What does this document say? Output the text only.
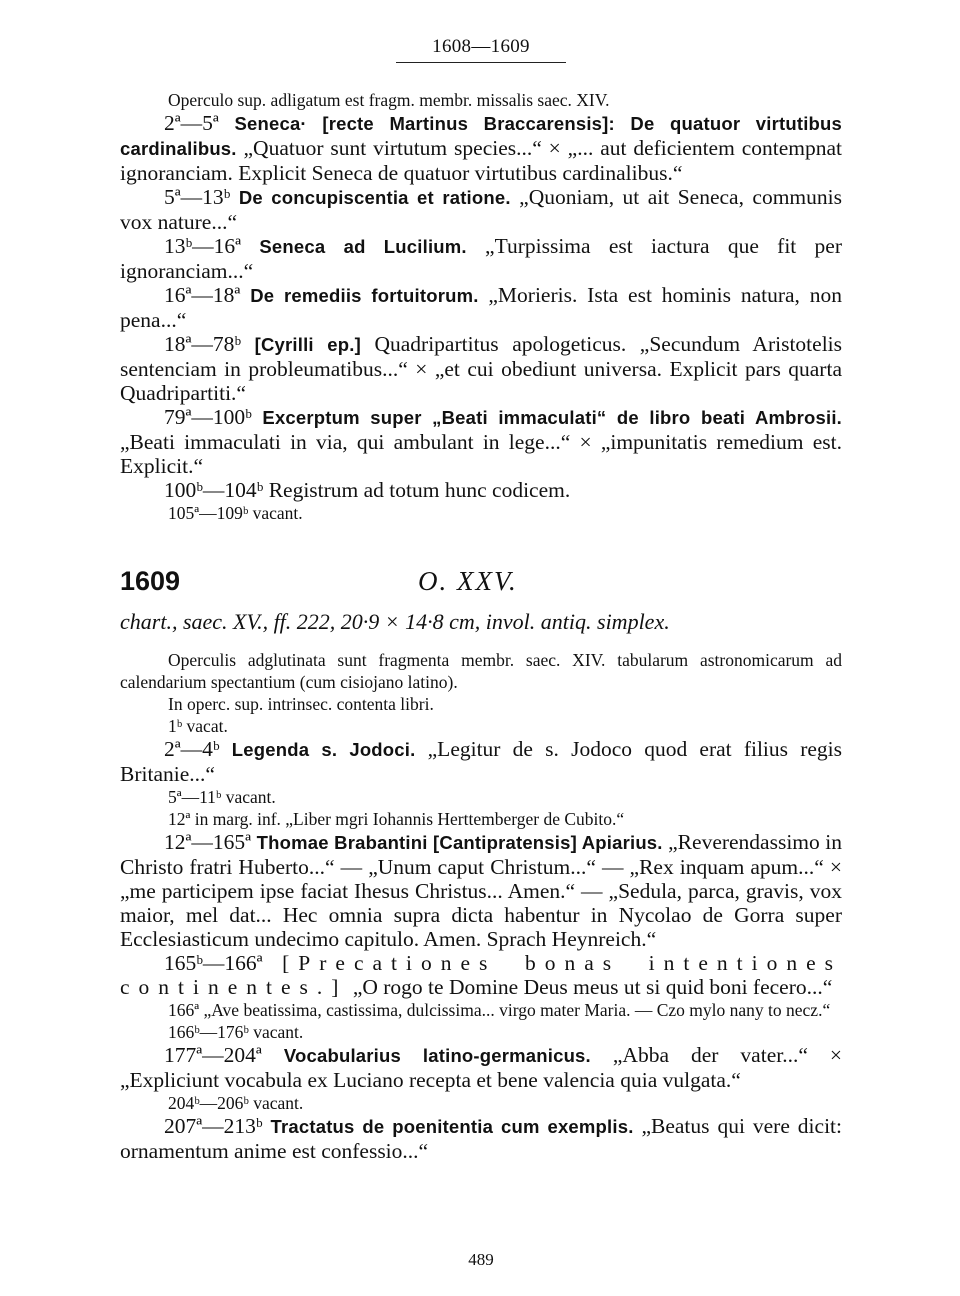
1608—1609

Operculo sup. adligatum est fragm. membr. missalis saec. XIV.

2ª—5ª Seneca· [recte Martinus Braccarensis]: De quatuor virtutibus cardinalibus. „Quatuor sunt virtutum species...“ × „... aut deficientem contempnat ignoranciam. Explicit Seneca de quatuor virtutibus cardinalibus.“

5ª—13ᵇ De concupiscentia et ratione. „Quoniam, ut ait Seneca, communis vox nature...“

13ᵇ—16ª Seneca ad Lucilium. „Turpissima est iactura que fit per ignoranciam...“

16ª—18ª De remediis fortuitorum. „Morieris. Ista est hominis natura, non pena...“

18ª—78ᵇ [Cyrilli ep.] Quadripartitus apologeticus. „Secundum Aristotelis sentenciam in probleumatibus...“ × „et cui obediunt universa. Explicit pars quarta Quadripartiti.“

79ª—100ᵇ Excerptum super „Beati immaculati“ de libro beati Ambrosii. „Beati immaculati in via, qui ambulant in lege...“ × „impunitatis remedium est. Explicit.“

100ᵇ—104ᵇ Registrum ad totum hunc codicem.

105ª—109ᵇ vacant.

1609	O. XXV.

chart., saec. XV., ff. 222, 20·9 × 14·8 cm, invol. antiq. simplex.

Operculis adglutinata sunt fragmenta membr. saec. XIV. tabularum astronomicarum ad calendarium spectantium (cum cisiojano latino).

In operc. sup. intrinsec. contenta libri.

1ᵇ vacat.

2ª—4ᵇ Legenda s. Jodoci. „Legitur de s. Jodoco quod erat filius regis Britanie...“

5ª—11ᵇ vacant.

12ª in marg. inf. „Liber mgri Iohannis Herttemberger de Cubito.“

12ª—165ª Thomae Brabantini [Cantipratensis] Apiarius. „Reverendassimo in Christo fratri Huberto...“ — „Unum caput Christum...“ — „Rex inquam apum...“ × „me participem ipse faciat Ihesus Christus... Amen.“ — „Sedula, parca, gravis, vox maior, mel dat... Hec omnia supra dicta habentur in Nycolao de Gorra super Ecclesiasticum undecimo capitulo. Amen. Sprach Heynreich.“

165ᵇ—166ª [Precationes bonas intentiones continentes.] „O rogo te Domine Deus meus ut si quid boni fecero...“

166ª „Ave beatissima, castissima, dulcissima... virgo mater Maria. — Czo mylo nany to necz.“

166ᵇ—176ᵇ vacant.

177ª—204ª Vocabularius latino-germanicus. „Abba der vater...“ × „Expliciunt vocabula ex Luciano recepta et bene valencia quia vulgata.“

204ᵇ—206ᵇ vacant.

207ª—213ᵇ Tractatus de poenitentia cum exemplis. „Beatus qui vere dicit: ornamentum anime est confessio...“

489
